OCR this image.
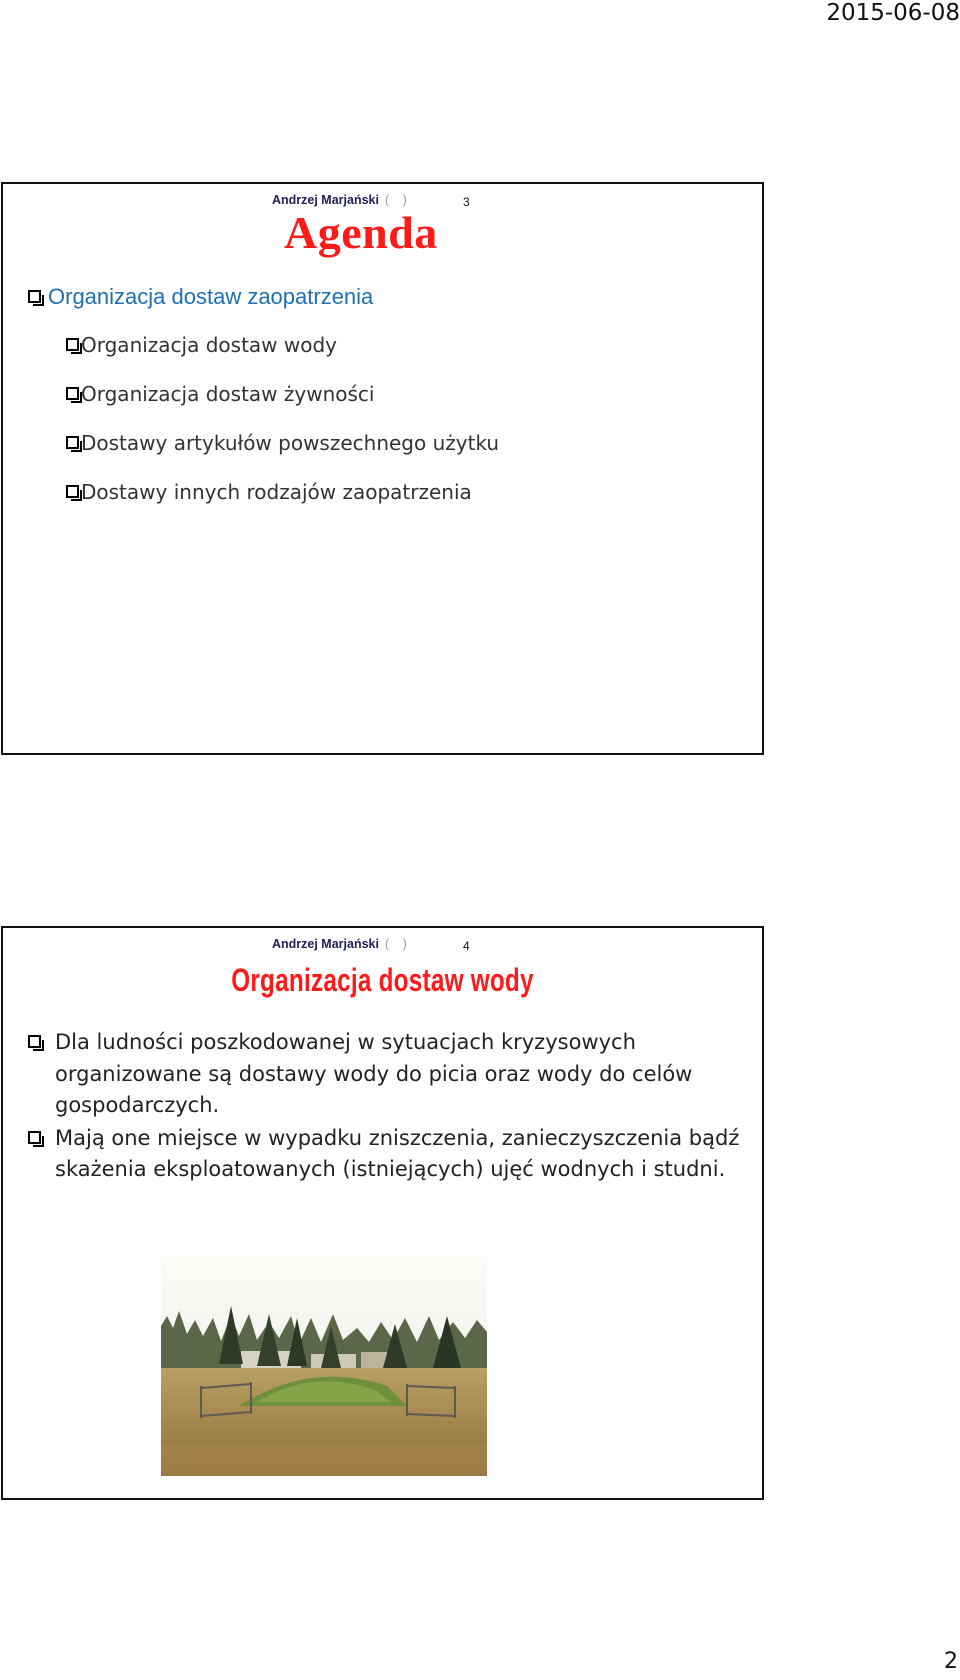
2015-06-08
Andrzej Marjański ( )	3
Agenda
Organizacja dostaw zaopatrzenia
Organizacja dostaw wody
Organizacja dostaw żywności
Dostawy artykułów powszechnego użytku
Dostawy innych rodzajów zaopatrzenia
Andrzej Marjański ( )	4
Organizacja dostaw wody
Dla ludności poszkodowanej w sytuacjach kryzysowych organizowane są dostawy wody do picia oraz wody do celów gospodarczych.
Mają one miejsce w wypadku zniszczenia, zanieczyszczenia bądź skażenia eksploatowanych (istniejących) ujęć wodnych i studni.
2
